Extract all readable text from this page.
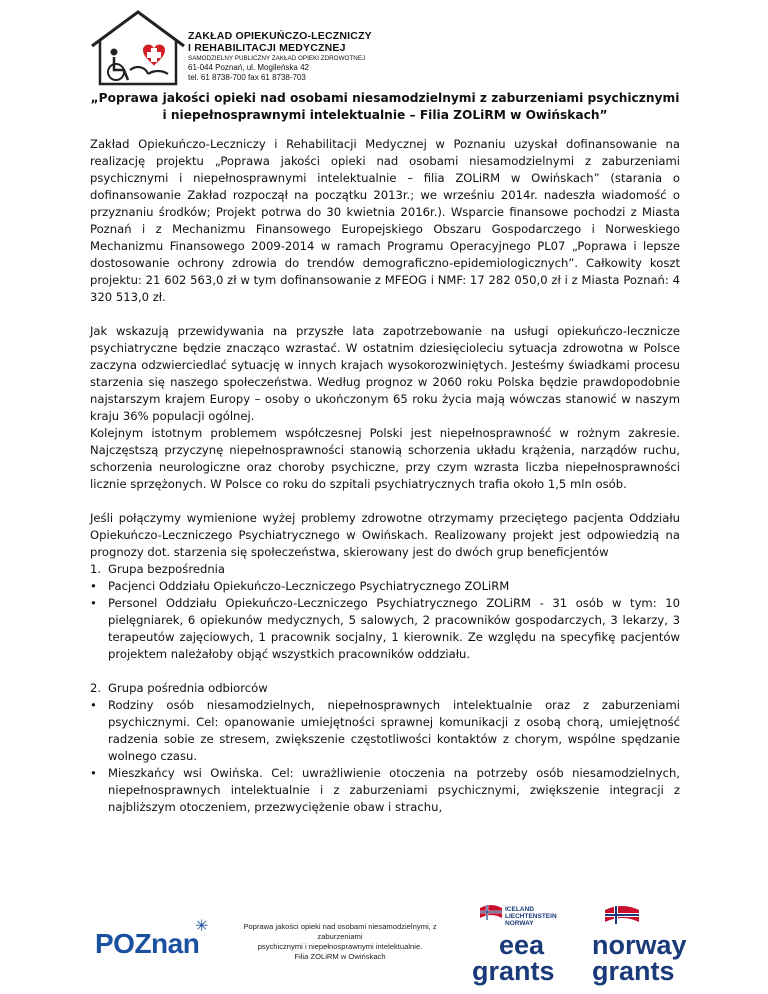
ZAKŁAD OPIEKUŃCZO-LECZNICZY
I REHABILITACJI MEDYCZNEJ
SAMODZIELNY PUBLICZNY ZAKŁAD OPIEKI ZDROWOTNEJ
61-044 Poznań, ul. Mogileńska 42
tel. 61 8738-700 fax 61 8738-703
„Poprawa jakości opieki nad osobami niesamodzielnymi z zaburzeniami psychicznymi i niepełnosprawnymi intelektualnie – Filia ZOLiRM w Owińskach”

Zakład Opiekuńczo-Leczniczy i Rehabilitacji Medycznej w Poznaniu uzyskał dofinansowanie na realizację projektu „Poprawa jakości opieki nad osobami niesamodzielnymi z zaburzeniami psychicznymi i niepełnosprawnymi intelektualnie – filia ZOLiRM w Owińskach” (starania o dofinansowanie Zakład rozpoczął na początku 2013r.; we wrześniu 2014r. nadeszła wiadomość o przyznaniu środków; Projekt potrwa do 30 kwietnia 2016r.). Wsparcie finansowe pochodzi z Miasta Poznań i z Mechanizmu Finansowego Europejskiego Obszaru Gospodarczego i Norweskiego Mechanizmu Finansowego 2009-2014 w ramach Programu Operacyjnego PL07 „Poprawa i lepsze dostosowanie ochrony zdrowia do trendów demograficzno-epidemiologicznych”. Całkowity koszt projektu: 21 602 563,0 zł w tym dofinansowanie z MFEOG i NMF: 17 282 050,0 zł i z Miasta Poznań: 4 320 513,0 zł.

Jak wskazują przewidywania na przyszłe lata zapotrzebowanie na usługi opiekuńczo-lecznicze psychiatryczne będzie znacząco wzrastać. W ostatnim dziesięcioleciu sytuacja zdrowotna w Polsce zaczyna odzwierciedlać sytuację w innych krajach wysokorozwiniętych. Jesteśmy świadkami procesu starzenia się naszego społeczeństwa. Według prognoz w 2060 roku Polska będzie prawdopodobnie najstarszym krajem Europy – osoby o ukończonym 65 roku życia mają wówczas stanowić w naszym kraju 36% populacji ogólnej.

Kolejnym istotnym problemem współczesnej Polski jest niepełnosprawność w rożnym zakresie. Najczęstszą przyczynę niepełnosprawności stanowią schorzenia układu krążenia, narządów ruchu, schorzenia neurologiczne oraz choroby psychiczne, przy czym wzrasta liczba niepełnosprawności licznie sprzężonych. W Polsce co roku do szpitali psychiatrycznych trafia około 1,5 mln osób.

Jeśli połączymy wymienione wyżej problemy zdrowotne otrzymamy przeciętego pacjenta Oddziału Opiekuńczo-Leczniczego Psychiatrycznego w Owińskach. Realizowany projekt jest odpowiedzią na prognozy dot. starzenia się społeczeństwa, skierowany jest do dwóch grup beneficjentów

1. Grupa bezpośrednia
• Pacjenci Oddziału Opiekuńczo-Leczniczego Psychiatrycznego ZOLiRM
• Personel Oddziału Opiekuńczo-Leczniczego Psychiatrycznego ZOLiRM - 31 osób w tym: 10 pielęgniarek, 6 opiekunów medycznych, 5 salowych, 2 pracowników gospodarczych, 3 lekarzy, 3 terapeutów zajęciowych, 1 pracownik socjalny, 1 kierownik. Ze względu na specyfikę pacjentów projektem należałoby objąć wszystkich pracowników oddziału.
2. Grupa pośrednia odbiorców
• Rodziny osób niesamodzielnych, niepełnosprawnych intelektualnie oraz z zaburzeniami psychicznymi. Cel: opanowanie umiejętności sprawnej komunikacji z osobą chorą, umiejętność radzenia sobie ze stresem, zwiększenie częstotliwości kontaktów z chorym, wspólne spędzanie wolnego czasu.
• Mieszkańcy wsi Owińska. Cel: uwrażliwienie otoczenia na potrzeby osób niesamodzielnych, niepełnosprawnych intelektualnie i z zaburzeniami psychicznymi, zwiększenie integracji z najbliższym otoczeniem, przezwyciężenie obaw i strachu,
POZnan
✳	Poprawa jakości opieki nad osobami niesamodzielnymi, z zaburzeniami
psychicznymi i niepełnosprawnymi intelektualnie.
Filia ZOLiRM w Owińskach
ICELAND
LIECHTENSTEIN
NORWAY
eea
grants
norway
grants
